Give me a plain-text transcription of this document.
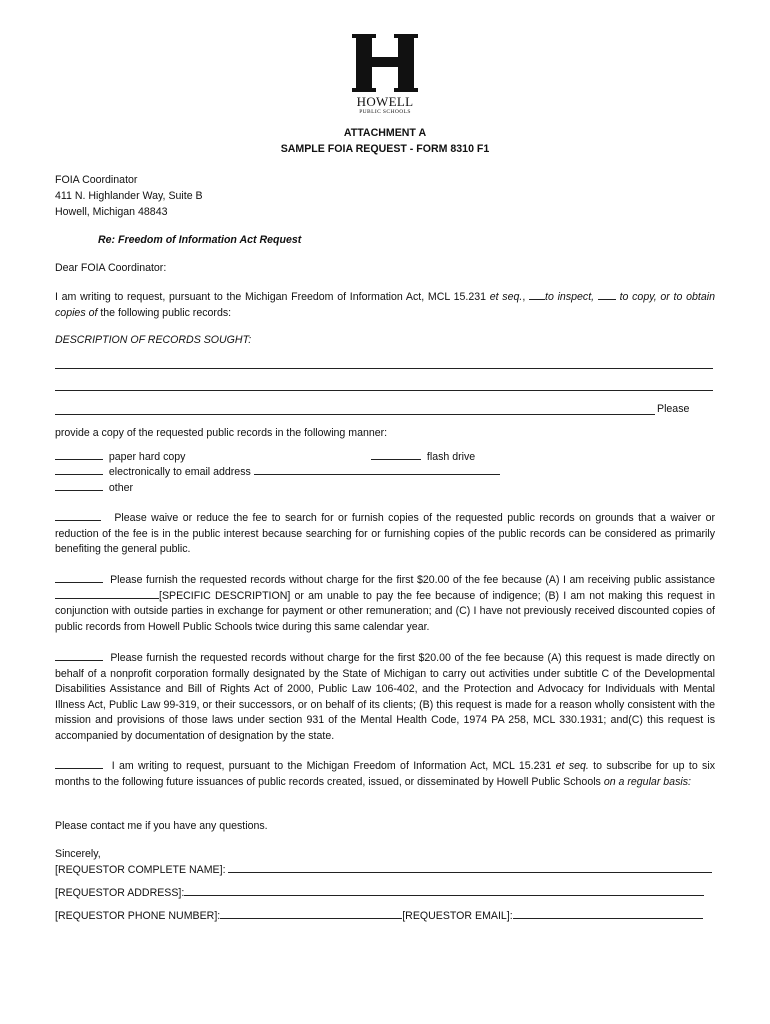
HOWELL
PUBLIC SCHOOLS
ATTACHMENT A
SAMPLE FOIA REQUEST - FORM 8310 F1
FOIA Coordinator
411 N. Highlander Way, Suite B
Howell, Michigan 48843
Re: Freedom of Information Act Request
Dear FOIA Coordinator:
I am writing to request, pursuant to the Michigan Freedom of Information Act, MCL 15.231 et seq., to inspect, to copy, or to obtain copies of the following public records:
DESCRIPTION OF RECORDS SOUGHT:
Please
provide a copy of the requested public records in the following manner:
paper hard copy	flash drive
electronically to email address
other
Please waive or reduce the fee to search for or furnish copies of the requested public records on grounds that a waiver or reduction of the fee is in the public interest because searching for or furnishing copies of the public records can be considered as primarily benefiting the general public.
Please furnish the requested records without charge for the first $20.00 of the fee because (A) I am receiving public assistance [SPECIFIC DESCRIPTION] or am unable to pay the fee because of indigence; (B) I am not making this request in conjunction with outside parties in exchange for payment or other remuneration; and (C) I have not previously received discounted copies of public records from Howell Public Schools twice during this same calendar year.
Please furnish the requested records without charge for the first $20.00 of the fee because (A) this request is made directly on behalf of a nonprofit corporation formally designated by the State of Michigan to carry out activities under subtitle C of the Developmental Disabilities Assistance and Bill of Rights Act of 2000, Public Law 106-402, and the Protection and Advocacy for Individuals with Mental Illness Act, Public Law 99-319, or their successors, or on behalf of its clients; (B) this request is made for a reason wholly consistent with the mission and provisions of those laws under section 931 of the Mental Health Code, 1974 PA 258, MCL 330.1931; and(C) this request is accompanied by documentation of designation by the state.
I am writing to request, pursuant to the Michigan Freedom of Information Act, MCL 15.231 et seq. to subscribe for up to six months to the following future issuances of public records created, issued, or disseminated by Howell Public Schools on a regular basis:
Please contact me if you have any questions.
Sincerely,
[REQUESTOR COMPLETE NAME]:
[REQUESTOR ADDRESS]:
[REQUESTOR PHONE NUMBER]:	[REQUESTOR EMAIL]:
